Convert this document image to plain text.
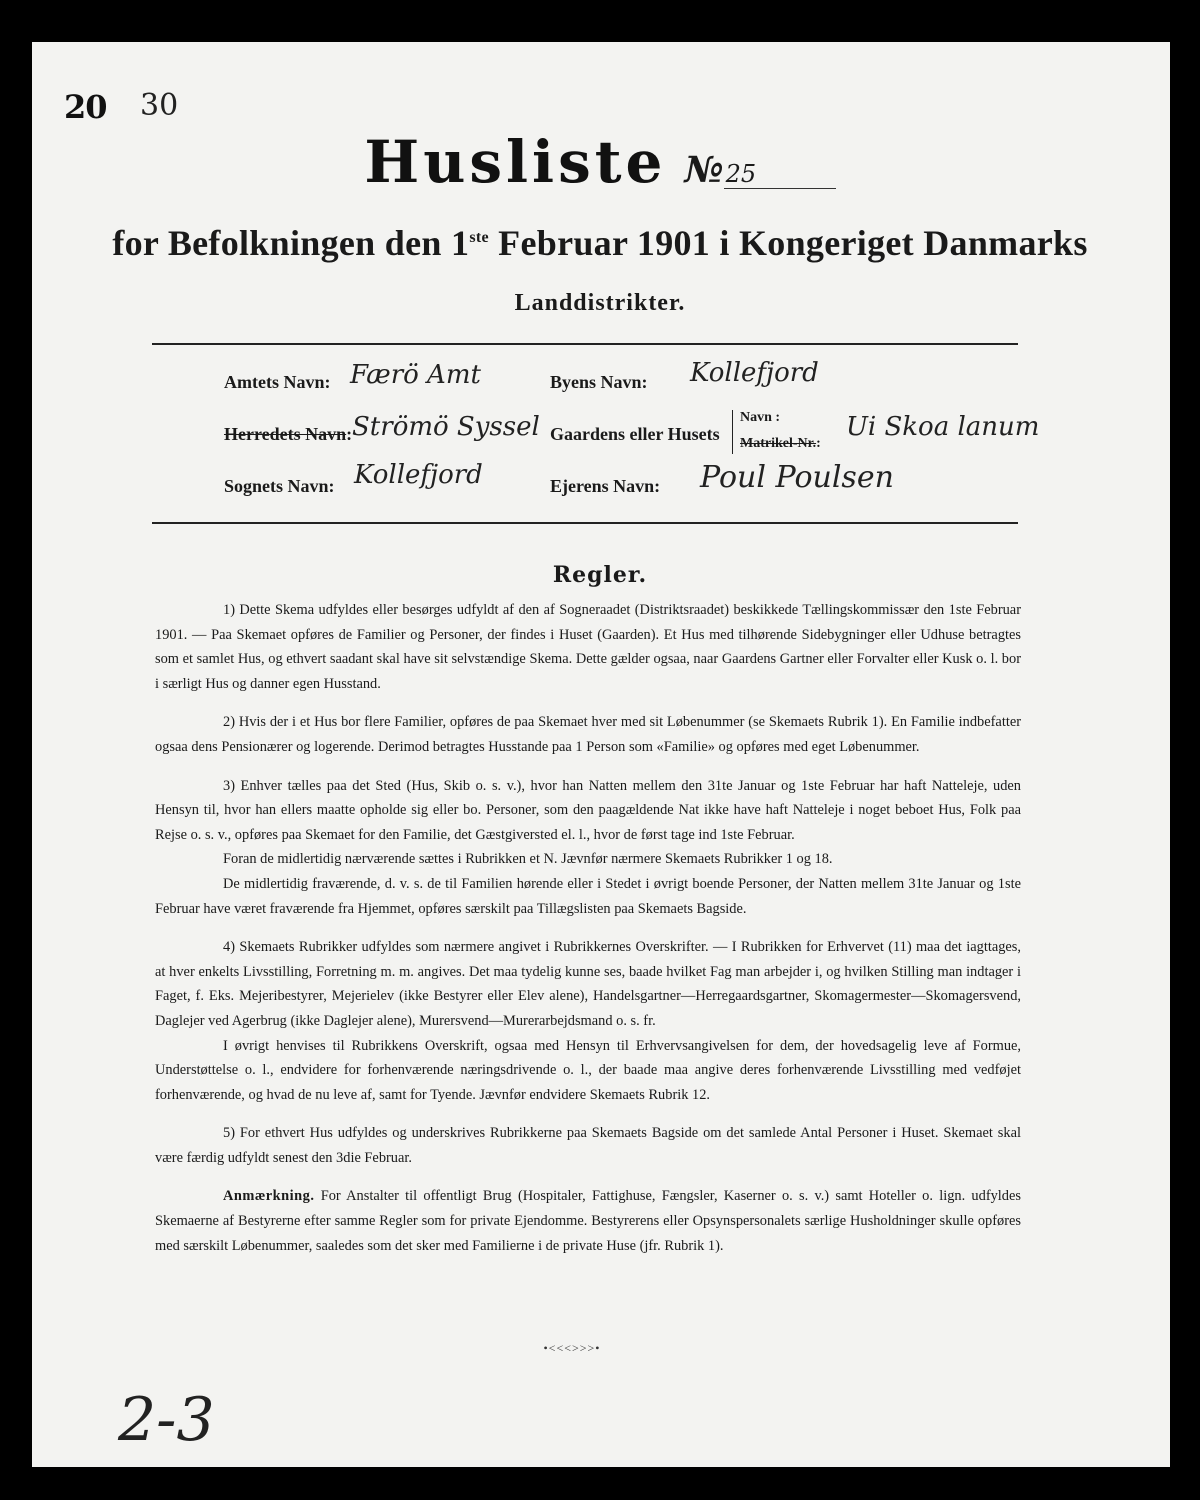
20 30
Husliste №25
for Befolkningen den 1ste Februar 1901 i Kongeriget Danmarks
Landdistrikter.
Amtets Navn: Færö Amt
Herredets Navn: Strömö Syssel
Sognets Navn: Kollefjord
Byens Navn: Kollefjord
Gaardens eller Husets
Navn :
Matrikel-Nr.:
Ui Skoa lanum
Ejerens Navn: Poul Poulsen
Regler.

1) Dette Skema udfyldes eller besørges udfyldt af den af Sogneraadet (Distriktsraadet) beskikkede Tællingskommissær den 1ste Februar 1901. — Paa Skemaet opføres de Familier og Personer, der findes i Huset (Gaarden). Et Hus med tilhørende Sidebygninger eller Udhuse betragtes som et samlet Hus, og ethvert saadant skal have sit selvstændige Skema. Dette gælder ogsaa, naar Gaardens Gartner eller Forvalter eller Kusk o. l. bor i særligt Hus og danner egen Husstand.

2) Hvis der i et Hus bor flere Familier, opføres de paa Skemaet hver med sit Løbenummer (se Skemaets Rubrik 1). En Familie indbefatter ogsaa dens Pensionærer og logerende. Derimod betragtes Husstande paa 1 Person som «Familie» og opføres med eget Løbenummer.

3) Enhver tælles paa det Sted (Hus, Skib o. s. v.), hvor han Natten mellem den 31te Januar og 1ste Februar har haft Natteleje, uden Hensyn til, hvor han ellers maatte opholde sig eller bo. Personer, som den paagældende Nat ikke have haft Natteleje i noget beboet Hus, Folk paa Rejse o. s. v., opføres paa Skemaet for den Familie, det Gæstgiversted el. l., hvor de først tage ind 1ste Februar.

Foran de midlertidig nærværende sættes i Rubrikken et N. Jævnfør nærmere Skemaets Rubrikker 1 og 18.

De midlertidig fraværende, d. v. s. de til Familien hørende eller i Stedet i øvrigt boende Personer, der Natten mellem 31te Januar og 1ste Februar have været fraværende fra Hjemmet, opføres særskilt paa Tillægslisten paa Skemaets Bagside.

4) Skemaets Rubrikker udfyldes som nærmere angivet i Rubrikkernes Overskrifter. — I Rubrikken for Erhvervet (11) maa det iagttages, at hver enkelts Livsstilling, Forretning m. m. angives. Det maa tydelig kunne ses, baade hvilket Fag man arbejder i, og hvilken Stilling man indtager i Faget, f. Eks. Mejeribestyrer, Mejerielev (ikke Bestyrer eller Elev alene), Handelsgartner—Herregaardsgartner, Skomagermester—Skomagersvend, Daglejer ved Agerbrug (ikke Daglejer alene), Murersvend—Murerarbejdsmand o. s. fr.

I øvrigt henvises til Rubrikkens Overskrift, ogsaa med Hensyn til Erhvervsangivelsen for dem, der hovedsagelig leve af Formue, Understøttelse o. l., endvidere for forhenværende næringsdrivende o. l., der baade maa angive deres forhenværende Livsstilling med vedføjet forhenværende, og hvad de nu leve af, samt for Tyende. Jævnfør endvidere Skemaets Rubrik 12.

5) For ethvert Hus udfyldes og underskrives Rubrikkerne paa Skemaets Bagside om det samlede Antal Personer i Huset. Skemaet skal være færdig udfyldt senest den 3die Februar.

Anmærkning. For Anstalter til offentligt Brug (Hospitaler, Fattighuse, Fængsler, Kaserner o. s. v.) samt Hoteller o. lign. udfyldes Skemaerne af Bestyrerne efter samme Regler som for private Ejendomme. Bestyrerens eller Opsynspersonalets særlige Husholdninger skulle opføres med særskilt Løbenummer, saaledes som det sker med Familierne i de private Huse (jfr. Rubrik 1).

•<<<>>>•
2-3
